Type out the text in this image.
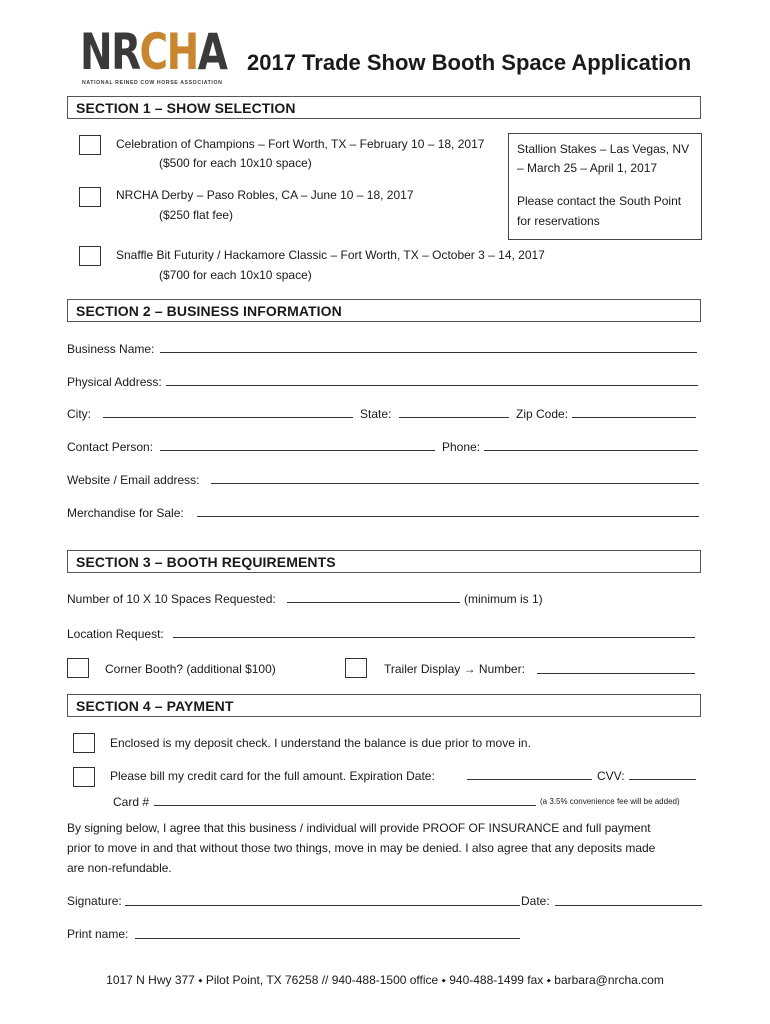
NRCHA
NATIONAL REINED COW HORSE ASSOCIATION
2017 Trade Show Booth Space Application
SECTION 1 – SHOW SELECTION
Celebration of Champions – Fort Worth, TX – February 10 – 18, 2017
($500 for each 10x10 space)
NRCHA Derby – Paso Robles, CA – June 10 – 18, 2017
($250 flat fee)
Stallion Stakes – Las Vegas, NV
– March 25 – April 1, 2017
Please contact the South Point
for reservations
Snaffle Bit Futurity / Hackamore Classic – Fort Worth, TX – October 3 – 14, 2017
($700 for each 10x10 space)
SECTION 2 – BUSINESS INFORMATION
Business Name:
Physical Address:
City:	State:	Zip Code:
Contact Person:	Phone:
Website / Email address:
Merchandise for Sale:
SECTION 3 – BOOTH REQUIREMENTS
Number of 10 X 10 Spaces Requested:	(minimum is 1)
Location Request:
Corner Booth? (additional $100)	Trailer Display → Number:
SECTION 4 – PAYMENT
Enclosed is my deposit check. I understand the balance is due prior to move in.
Please bill my credit card for the full amount. Expiration Date:	CVV:
Card #	(a 3.5% convenience fee will be added)
By signing below, I agree that this business / individual will provide PROOF OF INSURANCE and full payment
prior to move in and that without those two things, move in may be denied. I also agree that any deposits made
are non-refundable.
Signature:	Date:
Print name:
1017 N Hwy 377 ⬩ Pilot Point, TX 76258 // 940-488-1500 office ⬩ 940-488-1499 fax ⬩ barbara@nrcha.com
